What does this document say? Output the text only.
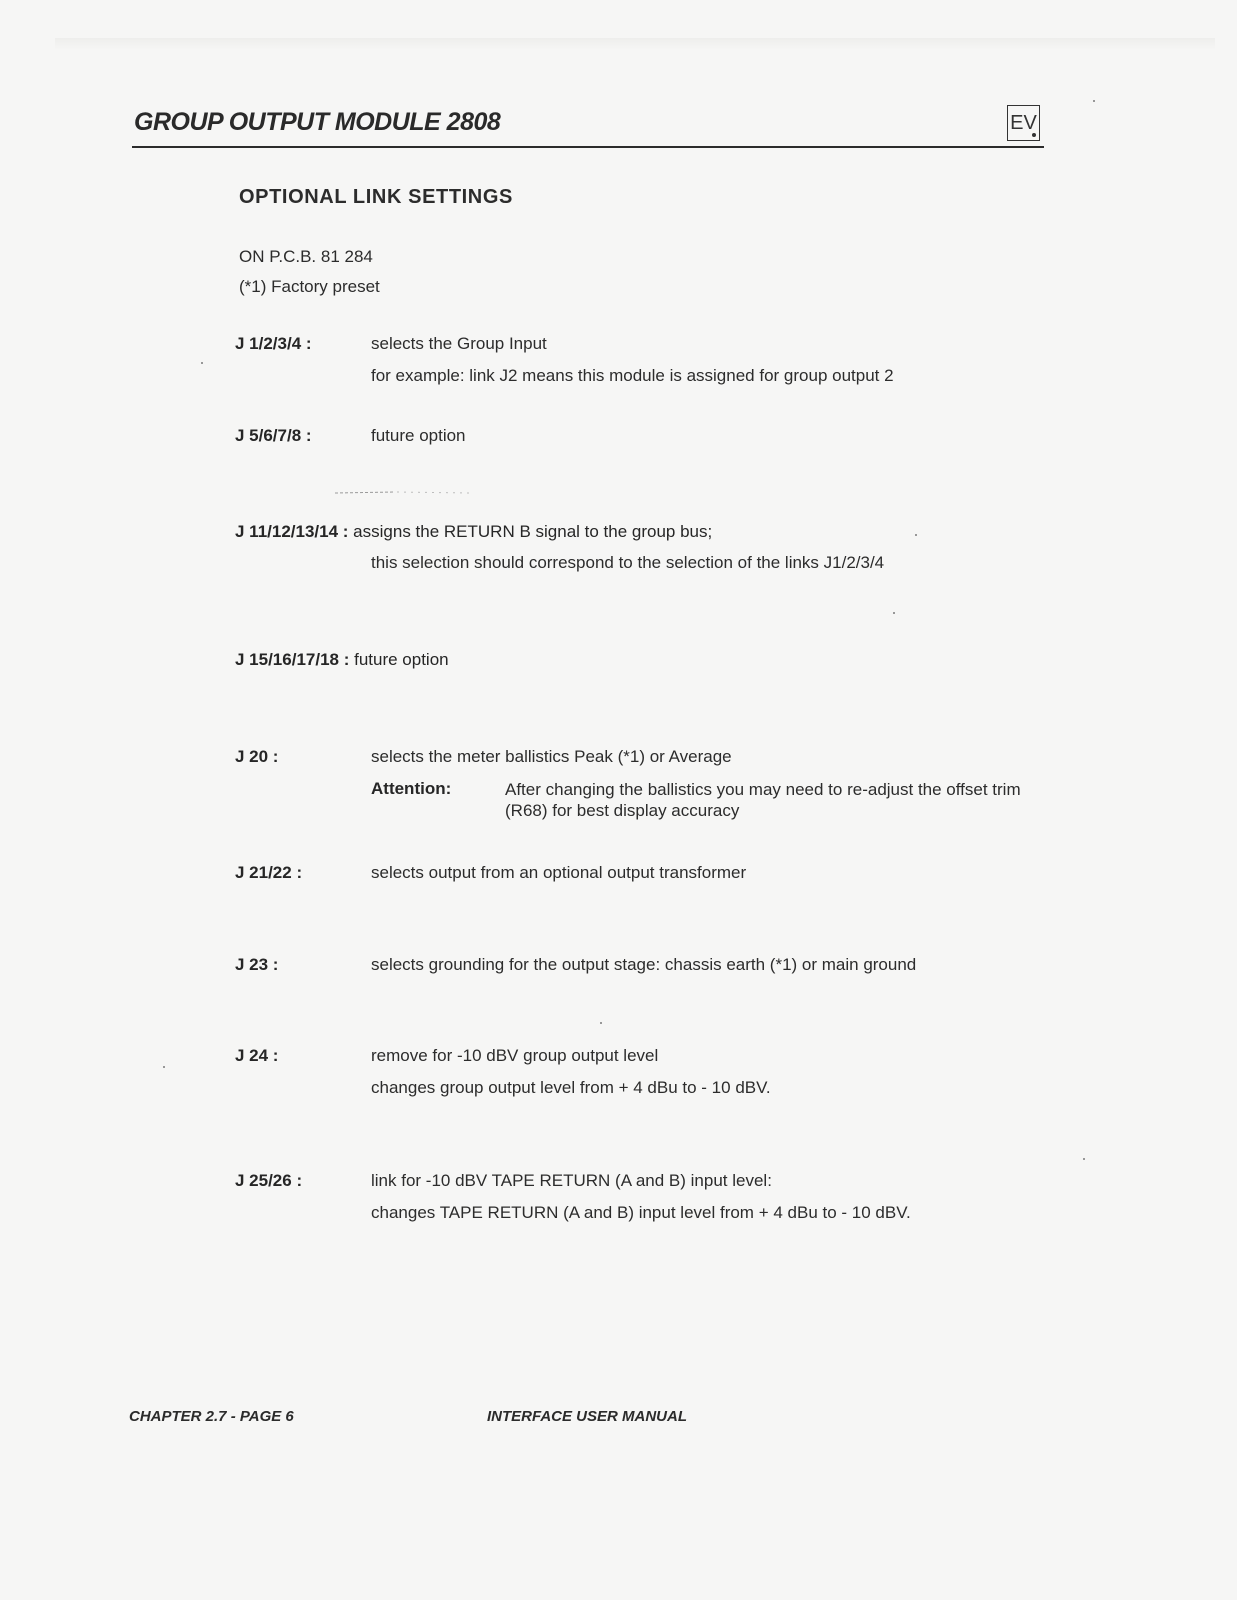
GROUP OUTPUT MODULE 2808	EV
OPTIONAL LINK SETTINGS
ON P.C.B. 81 284
(*1) Factory preset
J 1/2/3/4 :	selects the Group Input
for example: link J2 means this module is assigned for group output 2
J 5/6/7/8 :	future option
J 11/12/13/14 : assigns the RETURN B signal to the group bus;
this selection should correspond to the selection of the links J1/2/3/4
J 15/16/17/18 : future option
J 20 :	selects the meter ballistics Peak (*1) or Average
Attention:	After changing the ballistics you may need to re-adjust the offset trim (R68) for best display accuracy
J 21/22 :	selects output from an optional output transformer
J 23 :	selects grounding for the output stage: chassis earth (*1) or main ground
J 24 :	remove for -10 dBV group output level
changes group output level from + 4 dBu to - 10 dBV.
J 25/26 :	link for -10 dBV TAPE RETURN (A and B) input level:
changes TAPE RETURN (A and B) input level from + 4 dBu to - 10 dBV.
CHAPTER 2.7 - PAGE 6	INTERFACE USER MANUAL
